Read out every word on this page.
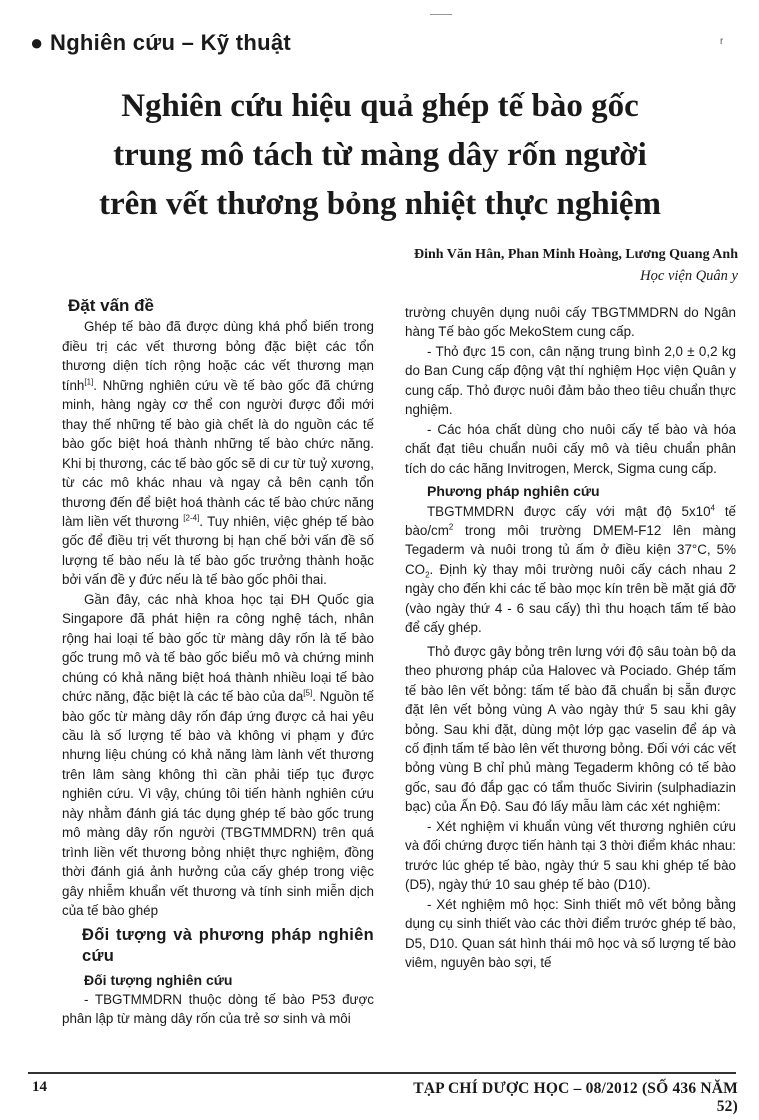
● Nghiên cứu – Kỹ thuật	r
Nghiên cứu hiệu quả ghép tế bào gốc
trung mô tách từ màng dây rốn người
trên vết thương bỏng nhiệt thực nghiệm
Đinh Văn Hân, Phan Minh Hoàng, Lương Quang Anh
Học viện Quân y
Đặt vấn đề

Ghép tế bào đã được dùng khá phổ biến trong điều trị các vết thương bỏng đặc biệt các tổn thương diện tích rộng hoặc các vết thương mạn tính[1]. Những nghiên cứu về tế bào gốc đã chứng minh, hàng ngày cơ thể con người được đổi mới thay thế những tế bào già chết là do nguồn các tế bào gốc biệt hoá thành những tế bào chức năng. Khi bị thương, các tế bào gốc sẽ di cư từ tuỷ xương, từ các mô khác nhau và ngay cả bên cạnh tổn thương đến để biệt hoá thành các tế bào chức năng làm liền vết thương [2-4]. Tuy nhiên, việc ghép tế bào gốc để điều trị vết thương bị hạn chế bởi vấn đề số lượng tế bào nếu là tế bào gốc trưởng thành hoặc bởi vấn đề y đức nếu là tế bào gốc phôi thai.

Gần đây, các nhà khoa học tại ĐH Quốc gia Singapore đã phát hiện ra công nghệ tách, nhân rộng hai loại tế bào gốc từ màng dây rốn là tế bào gốc trung mô và tế bào gốc biểu mô và chứng minh chúng có khả năng biệt hoá thành nhiều loại tế bào chức năng, đặc biệt là các tế bào của da[5]. Nguồn tế bào gốc từ màng dây rốn đáp ứng được cả hai yêu cầu là số lượng tế bào và không vi phạm y đức nhưng liệu chúng có khả năng làm lành vết thương trên lâm sàng không thì cần phải tiếp tục được nghiên cứu. Vì vậy, chúng tôi tiến hành nghiên cứu này nhằm đánh giá tác dụng ghép tế bào gốc trung mô màng dây rốn người (TBGTMMDRN) trên quá trình liền vết thương bỏng nhiệt thực nghiệm, đồng thời đánh giá ảnh hưởng của cấy ghép trong việc gây nhiễm khuẩn vết thương và tính sinh miễn dịch của tế bào ghép

Đối tượng và phương pháp nghiên cứu
Đối tượng nghiên cứu

- TBGTMMDRN thuộc dòng tế bào P53 được phân lập từ màng dây rốn của trẻ sơ sinh và môi

trường chuyên dụng nuôi cấy TBGTMMDRN do Ngân hàng Tế bào gốc MekoStem cung cấp.

- Thỏ đực 15 con, cân nặng trung bình 2,0 ± 0,2 kg do Ban Cung cấp động vật thí nghiệm Học viện Quân y cung cấp. Thỏ được nuôi đảm bảo theo tiêu chuẩn thực nghiệm.

- Các hóa chất dùng cho nuôi cấy tế bào và hóa chất đạt tiêu chuẩn nuôi cấy mô và tiêu chuẩn phân tích do các hãng Invitrogen, Merck, Sigma cung cấp.

Phương pháp nghiên cứu

TBGTMMDRN được cấy với mật độ $5x10^4$ tế bào/$cm^2$ trong môi trường DMEM-F12 lên màng Tegaderm và nuôi trong tủ ấm ở điều kiện 37°C, 5% $CO_2$. Định kỳ thay môi trường nuôi cấy cách nhau 2 ngày cho đến khi các tế bào mọc kín trên bề mặt giá đỡ (vào ngày thứ 4 - 6 sau cấy) thì thu hoạch tấm tế bào để cấy ghép.

Thỏ được gây bỏng trên lưng với độ sâu toàn bộ da theo phương pháp của Halovec và Pociado. Ghép tấm tế bào lên vết bỏng: tấm tế bào đã chuẩn bị sẵn được đặt lên vết bỏng vùng A vào ngày thứ 5 sau khi gây bỏng. Sau khi đặt, dùng một lớp gạc vaselin để áp và cố định tấm tế bào lên vết thương bỏng. Đối với các vết bỏng vùng B chỉ phủ màng Tegaderm không có tế bào gốc, sau đó đắp gạc có tẩm thuốc Sivirin (sulphadiazin bạc) của Ấn Độ. Sau đó lấy mẫu làm các xét nghiệm:

- Xét nghiệm vi khuẩn vùng vết thương nghiên cứu và đối chứng được tiến hành tại 3 thời điểm khác nhau: trước lúc ghép tế bào, ngày thứ 5 sau khi ghép tế bào (D5), ngày thứ 10 sau ghép tế bào (D10).

- Xét nghiệm mô học: Sinh thiết mô vết bỏng bằng dụng cụ sinh thiết vào các thời điểm trước ghép tế bào, D5, D10. Quan sát hình thái mô học và số lượng tế bào viêm, nguyên bào sợi, tế

14	TẠP CHÍ DƯỢC HỌC – 08/2012 (SỐ 436 NĂM 52)
